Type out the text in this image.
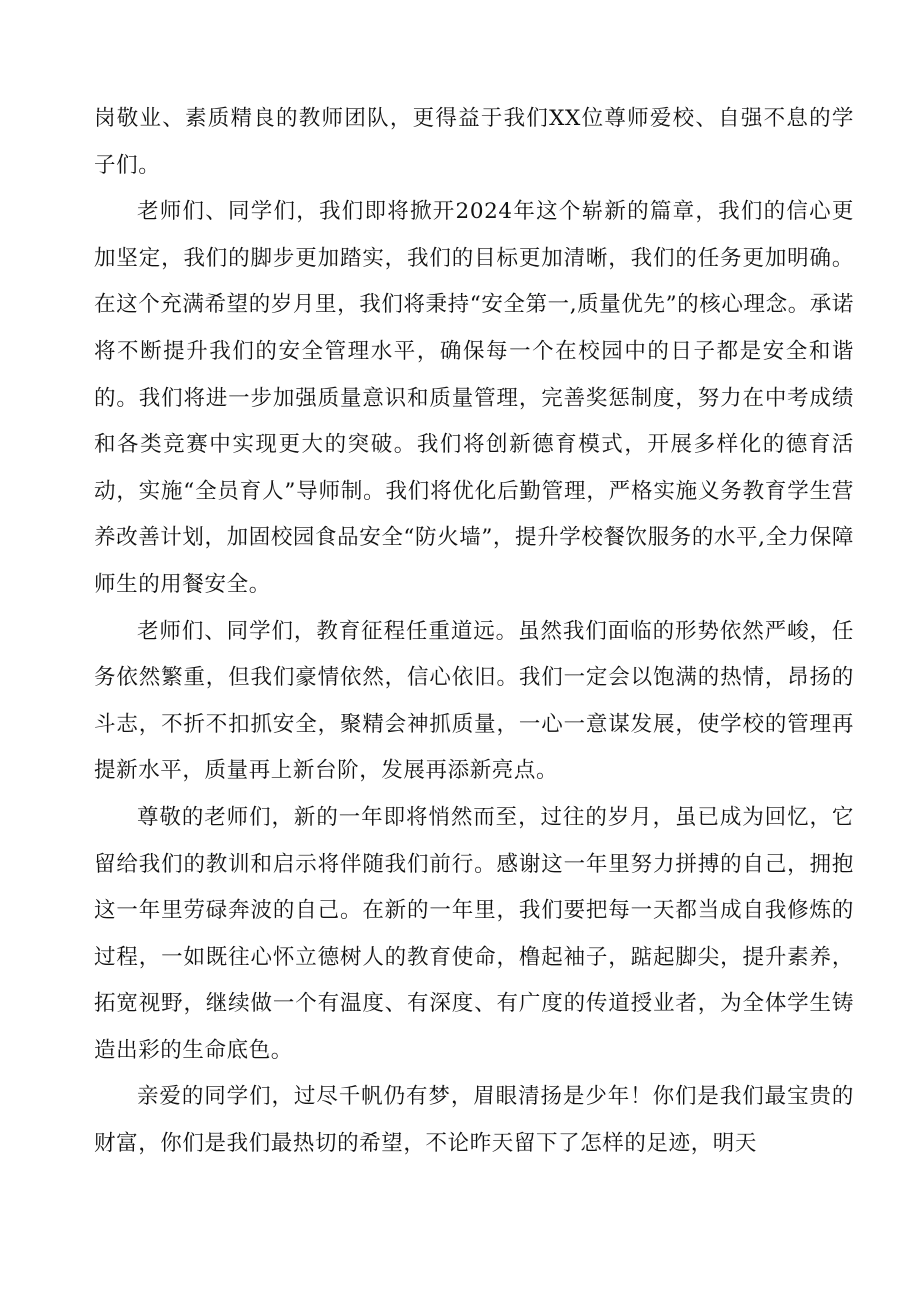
岗敬业、素质精良的教师团队，更得益于我们XX位尊师爱校、自强不息的学子们。

老师们、同学们，我们即将掀开2024年这个崭新的篇章，我们的信心更加坚定，我们的脚步更加踏实，我们的目标更加清晰，我们的任务更加明确。在这个充满希望的岁月里，我们将秉持“安全第一,质量优先”的核心理念。承诺将不断提升我们的安全管理水平，确保每一个在校园中的日子都是安全和谐的。我们将进一步加强质量意识和质量管理，完善奖惩制度，努力在中考成绩和各类竞赛中实现更大的突破。我们将创新德育模式，开展多样化的德育活动，实施“全员育人”导师制。我们将优化后勤管理，严格实施义务教育学生营养改善计划，加固校园食品安全“防火墙”，提升学校餐饮服务的水平,全力保障师生的用餐安全。

老师们、同学们，教育征程任重道远。虽然我们面临的形势依然严峻，任务依然繁重，但我们豪情依然，信心依旧。我们一定会以饱满的热情，昂扬的斗志，不折不扣抓安全，聚精会神抓质量，一心一意谋发展，使学校的管理再提新水平，质量再上新台阶，发展再添新亮点。

尊敬的老师们，新的一年即将悄然而至，过往的岁月，虽已成为回忆，它留给我们的教训和启示将伴随我们前行。感谢这一年里努力拼搏的自己，拥抱这一年里劳碌奔波的自己。在新的一年里，我们要把每一天都当成自我修炼的过程，一如既往心怀立德树人的教育使命，橹起袖子，踮起脚尖，提升素养，拓宽视野，继续做一个有温度、有深度、有广度的传道授业者，为全体学生铸造出彩的生命底色。

亲爱的同学们，过尽千帆仍有梦，眉眼清扬是少年！你们是我们最宝贵的财富，你们是我们最热切的希望，不论昨天留下了怎样的足迹，明天
